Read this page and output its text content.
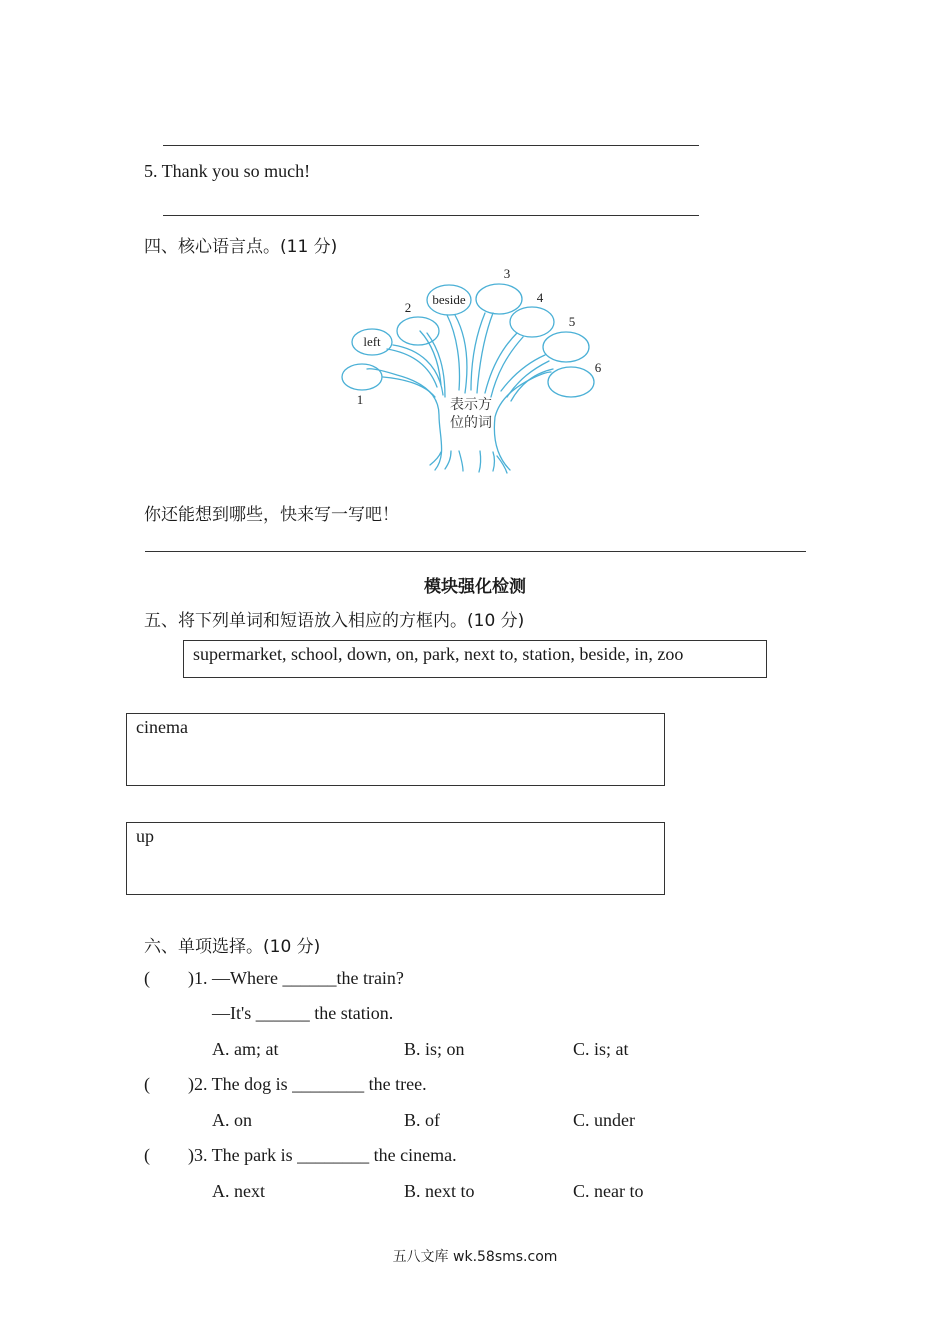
5. Thank you so much!
四、核心语言点。(11 分)
left
beside
1
2
3
4
5
6
表示方
位的词
你还能想到哪些，快来写一写吧！
模块强化检测
五、将下列单词和短语放入相应的方框内。(10 分)
supermarket, school, down, on, park, next to, station, beside, in, zoo
cinema
up
六、单项选择。(10 分)
( )1. —Where ______the train?
—It's ______ the station.
A. am; at	B. is; on	C. is; at
( )2. The dog is ________ the tree.
A. on	B. of	C. under
( )3. The park is ________ the cinema.
A. next	B. next to	C. near to
五八文库 wk.58sms.com
